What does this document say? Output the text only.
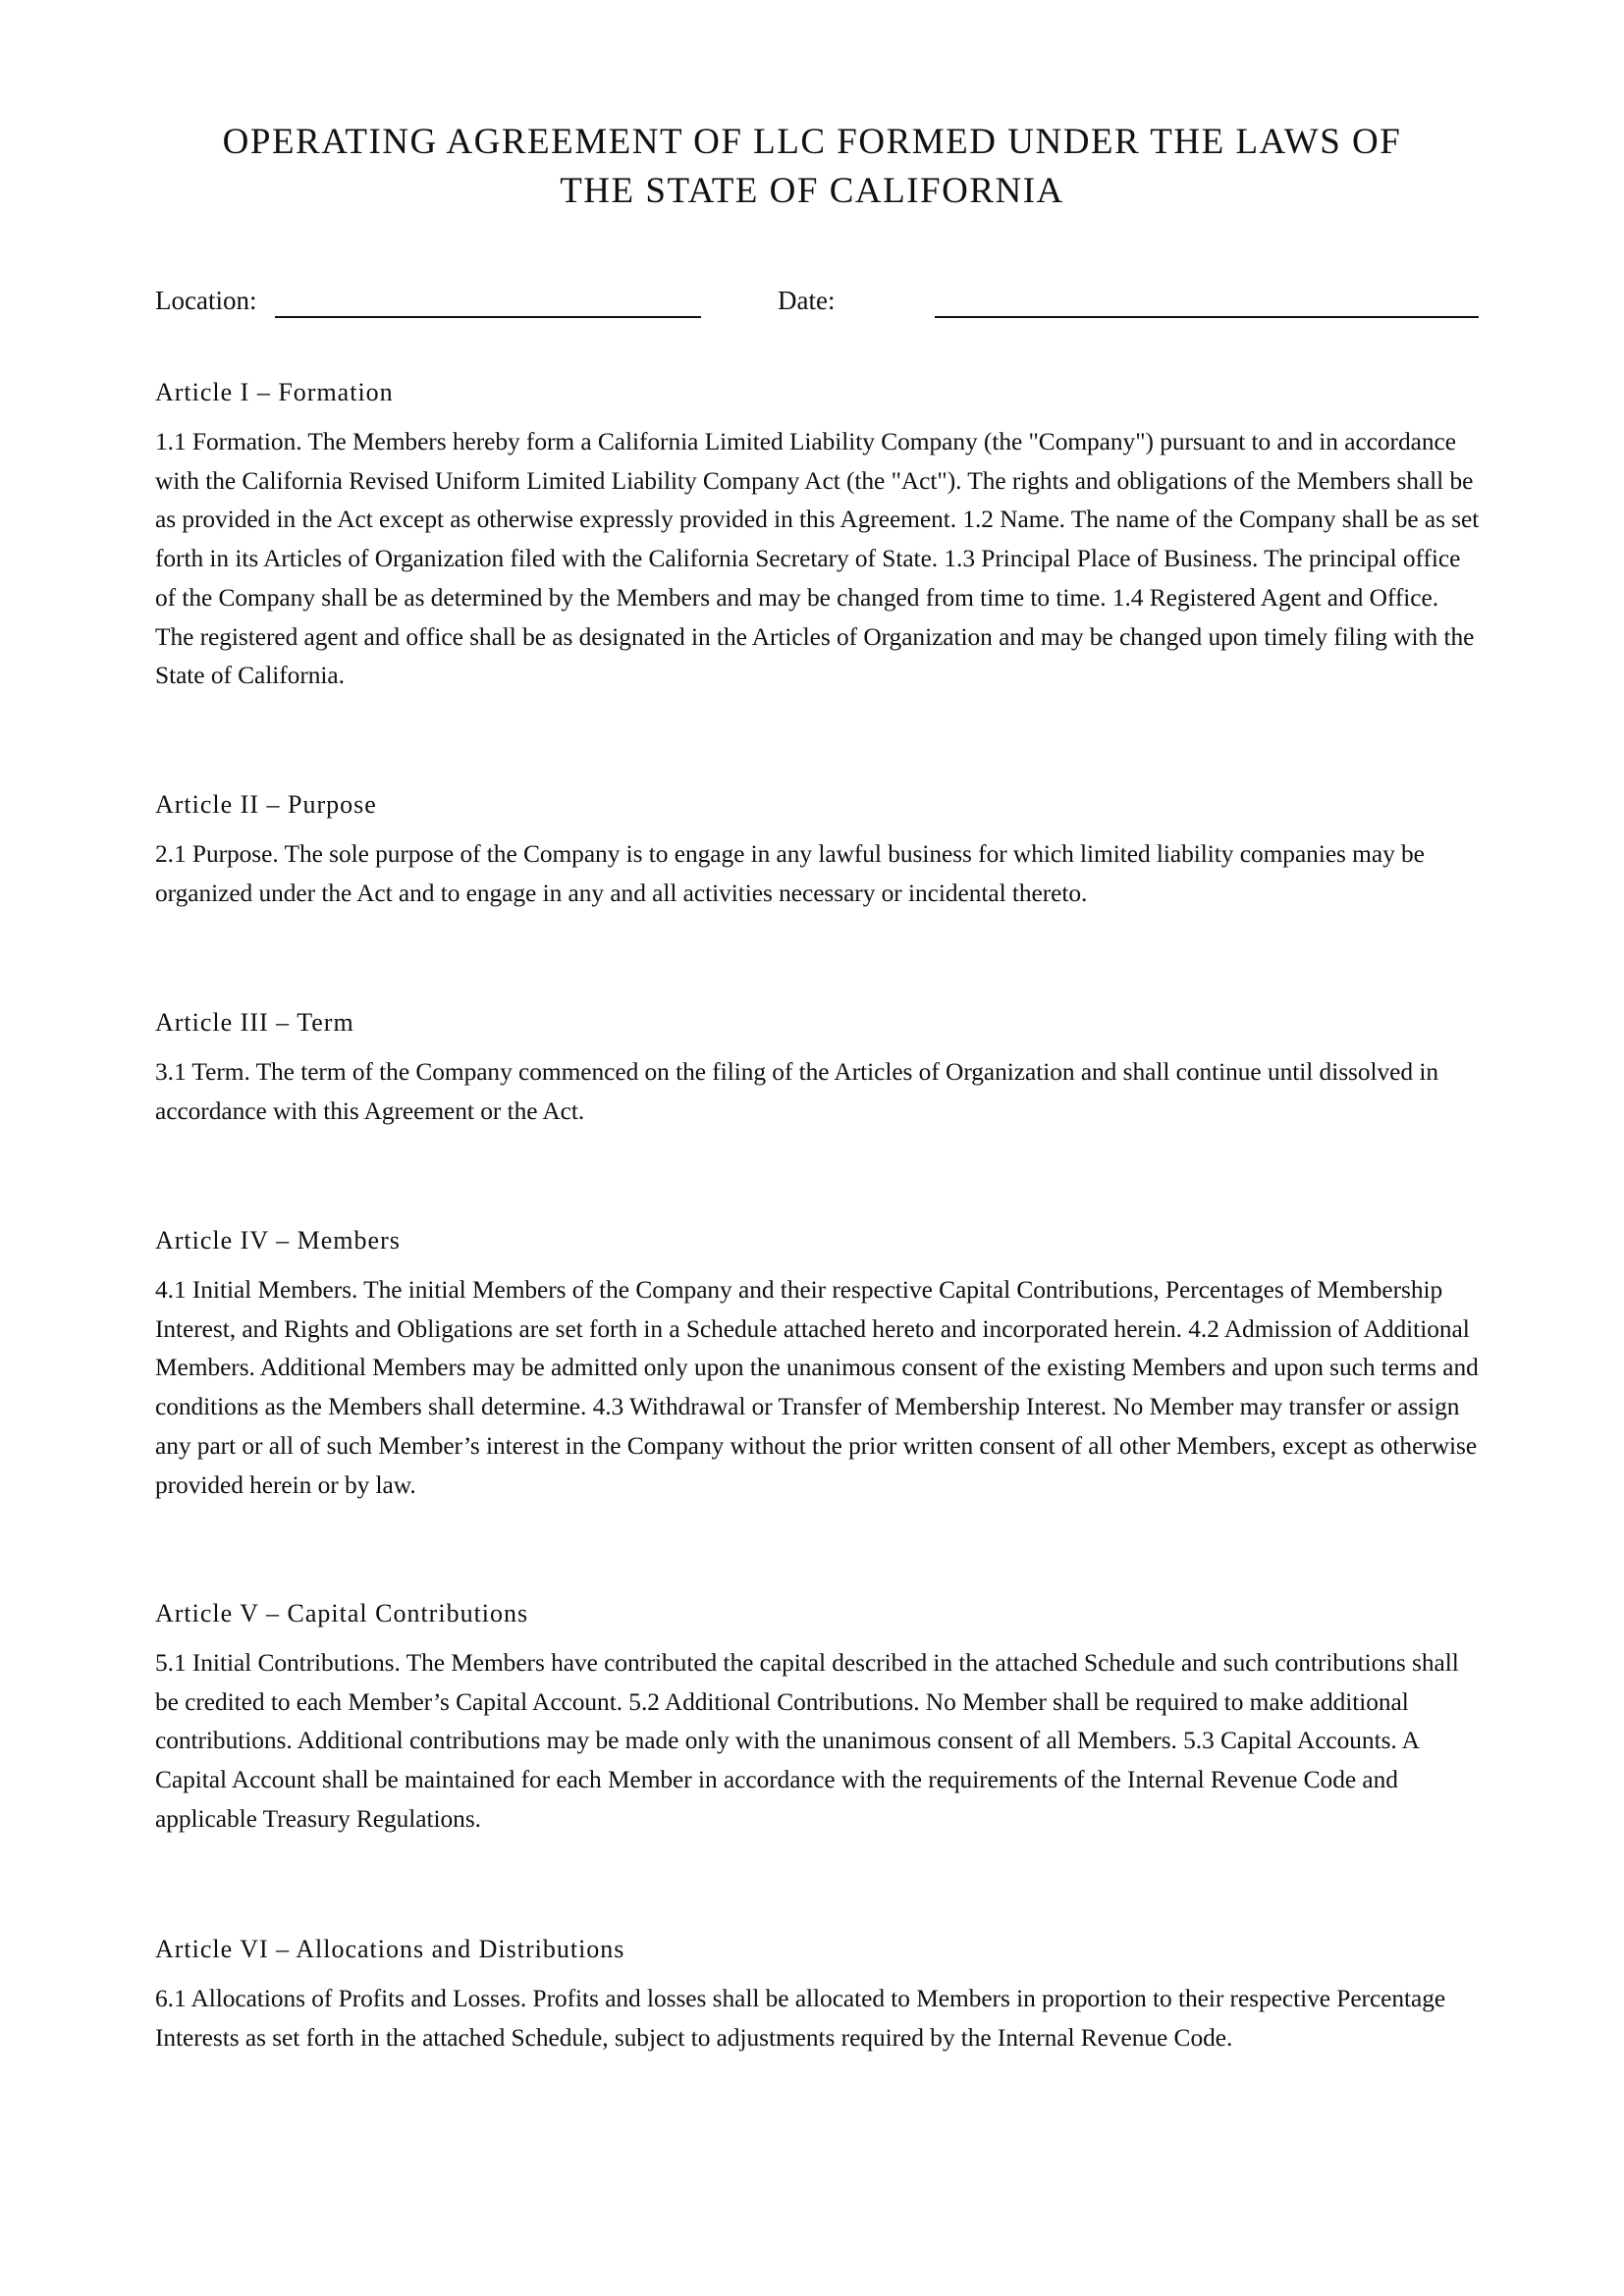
OPERATING AGREEMENT OF LLC FORMED UNDER THE LAWS OF
THE STATE OF CALIFORNIA
Location:	Date:
Article I – Formation

1.1 Formation. The Members hereby form a California Limited Liability Company (the "Company") pursuant to and in accordance with the California Revised Uniform Limited Liability Company Act (the "Act"). The rights and obligations of the Members shall be as provided in the Act except as otherwise expressly provided in this Agreement. 1.2 Name. The name of the Company shall be as set forth in its Articles of Organization filed with the California Secretary of State. 1.3 Principal Place of Business. The principal office of the Company shall be as determined by the Members and may be changed from time to time. 1.4 Registered Agent and Office. The registered agent and office shall be as designated in the Articles of Organization and may be changed upon timely filing with the State of California.

Article II – Purpose

2.1 Purpose. The sole purpose of the Company is to engage in any lawful business for which limited liability companies may be organized under the Act and to engage in any and all activities necessary or incidental thereto.

Article III – Term

3.1 Term. The term of the Company commenced on the filing of the Articles of Organization and shall continue until dissolved in accordance with this Agreement or the Act.

Article IV – Members

4.1 Initial Members. The initial Members of the Company and their respective Capital Contributions, Percentages of Membership Interest, and Rights and Obligations are set forth in a Schedule attached hereto and incorporated herein. 4.2 Admission of Additional Members. Additional Members may be admitted only upon the unanimous consent of the existing Members and upon such terms and conditions as the Members shall determine. 4.3 Withdrawal or Transfer of Membership Interest. No Member may transfer or assign any part or all of such Member’s interest in the Company without the prior written consent of all other Members, except as otherwise provided herein or by law.

Article V – Capital Contributions

5.1 Initial Contributions. The Members have contributed the capital described in the attached Schedule and such contributions shall be credited to each Member’s Capital Account. 5.2 Additional Contributions. No Member shall be required to make additional contributions. Additional contributions may be made only with the unanimous consent of all Members. 5.3 Capital Accounts. A Capital Account shall be maintained for each Member in accordance with the requirements of the Internal Revenue Code and applicable Treasury Regulations.

Article VI – Allocations and Distributions

6.1 Allocations of Profits and Losses. Profits and losses shall be allocated to Members in proportion to their respective Percentage Interests as set forth in the attached Schedule, subject to adjustments required by the Internal Revenue Code.
